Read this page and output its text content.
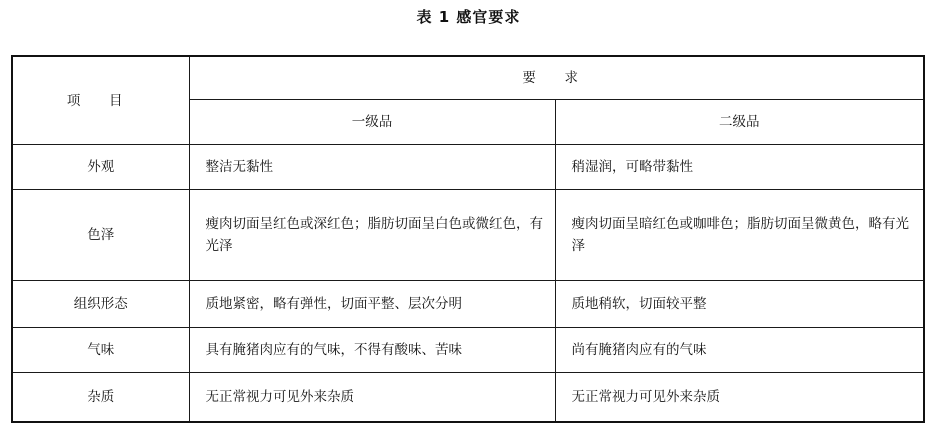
表 1 感官要求
项 目	要 求	
	一级品	二级品
外观	整洁无黏性	稍湿润，可略带黏性
色泽	瘦肉切面呈红色或深红色；脂肪切面呈白色或微红色，有光泽	瘦肉切面呈暗红色或咖啡色；脂肪切面呈微黄色，略有光泽
组织形态	质地紧密，略有弹性，切面平整、层次分明	质地稍软，切面较平整
气味	具有腌猪肉应有的气味，不得有酸味、苦味	尚有腌猪肉应有的气味
杂质	无正常视力可见外来杂质	无正常视力可见外来杂质
